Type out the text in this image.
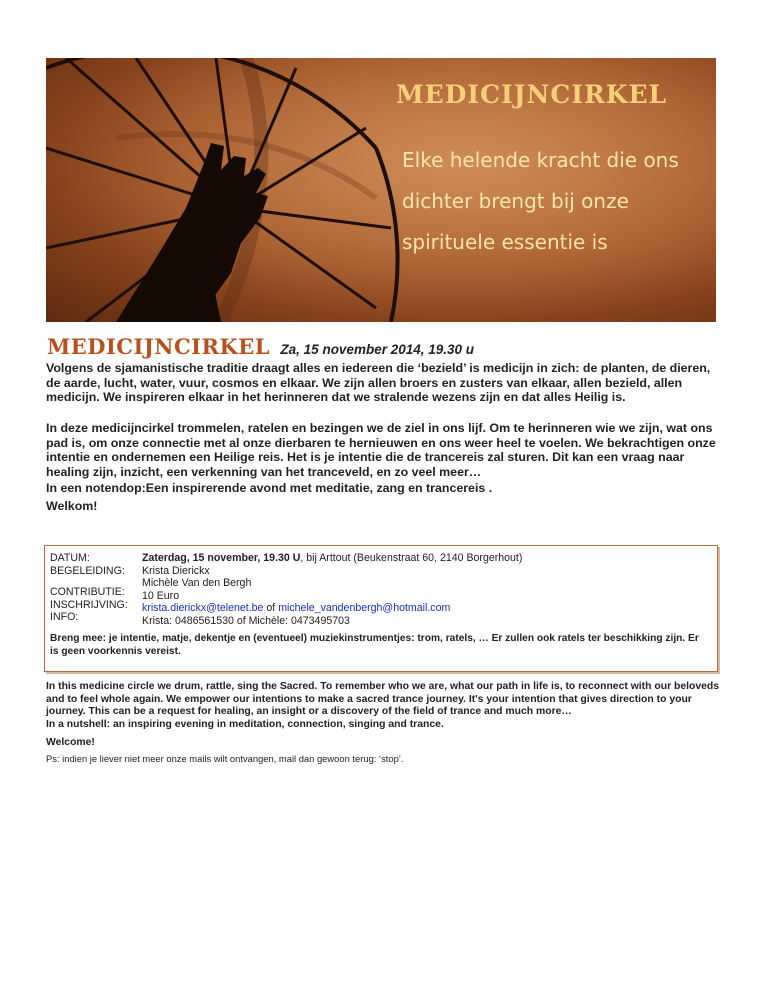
MEDICIJNCIRKEL
Elke helende kracht die ons dichter brengt bij onze spirituele essentie is
MEDICIJNCIRKEL Za, 15 november 2014, 19.30 u
Volgens de sjamanistische traditie draagt alles en iedereen die ‘bezield’ is medicijn in zich: de planten, de dieren, de aarde, lucht, water, vuur, cosmos en elkaar. We zijn allen broers en zusters van elkaar, allen bezield, allen medicijn. We inspireren elkaar in het herinneren dat we stralende wezens zijn en dat alles Heilig is.
In deze medicijncirkel trommelen, ratelen en bezingen we de ziel in ons lijf. Om te herinneren wie we zijn, wat ons pad is, om onze connectie met al onze dierbaren te hernieuwen en ons weer heel te voelen. We bekrachtigen onze intentie en ondernemen een Heilige reis. Het is je intentie die de trancereis zal sturen. Dit kan een vraag naar healing zijn, inzicht, een verkenning van het tranceveld, en zo veel meer…
In een notendop:Een inspirerende avond met meditatie, zang en trancereis .
Welkom!
DATUM:
BEGELEIDING:
CONTRIBUTIE:
INSCHRIJVING:
INFO:
Zaterdag, 15 november, 19.30 U, bij Arttout (Beukenstraat 60, 2140 Borgerhout)
Krista Dierickx
Michèle Van den Bergh
10 Euro
krista.dierickx@telenet.be of michele_vandenbergh@hotmail.com
Krista: 0486561530 of Michèle: 0473495703
Breng mee: je intentie, matje, dekentje en (eventueel) muziekinstrumentjes: trom, ratels, … Er zullen ook ratels ter beschikking zijn. Er is geen voorkennis vereist.
In this medicine circle we drum, rattle, sing the Sacred. To remember who we are, what our path in life is, to reconnect with our beloveds and to feel whole again. We empower our intentions to make a sacred trance journey. It's your intention that gives direction to your journey. This can be a request for healing, an insight or a discovery of the field of trance and much more…
In a nutshell: an inspiring evening in meditation, connection, singing and trance.
Welcome!
Ps: indien je liever niet meer onze mails wilt ontvangen, mail dan gewoon terug: ‘stop’.
